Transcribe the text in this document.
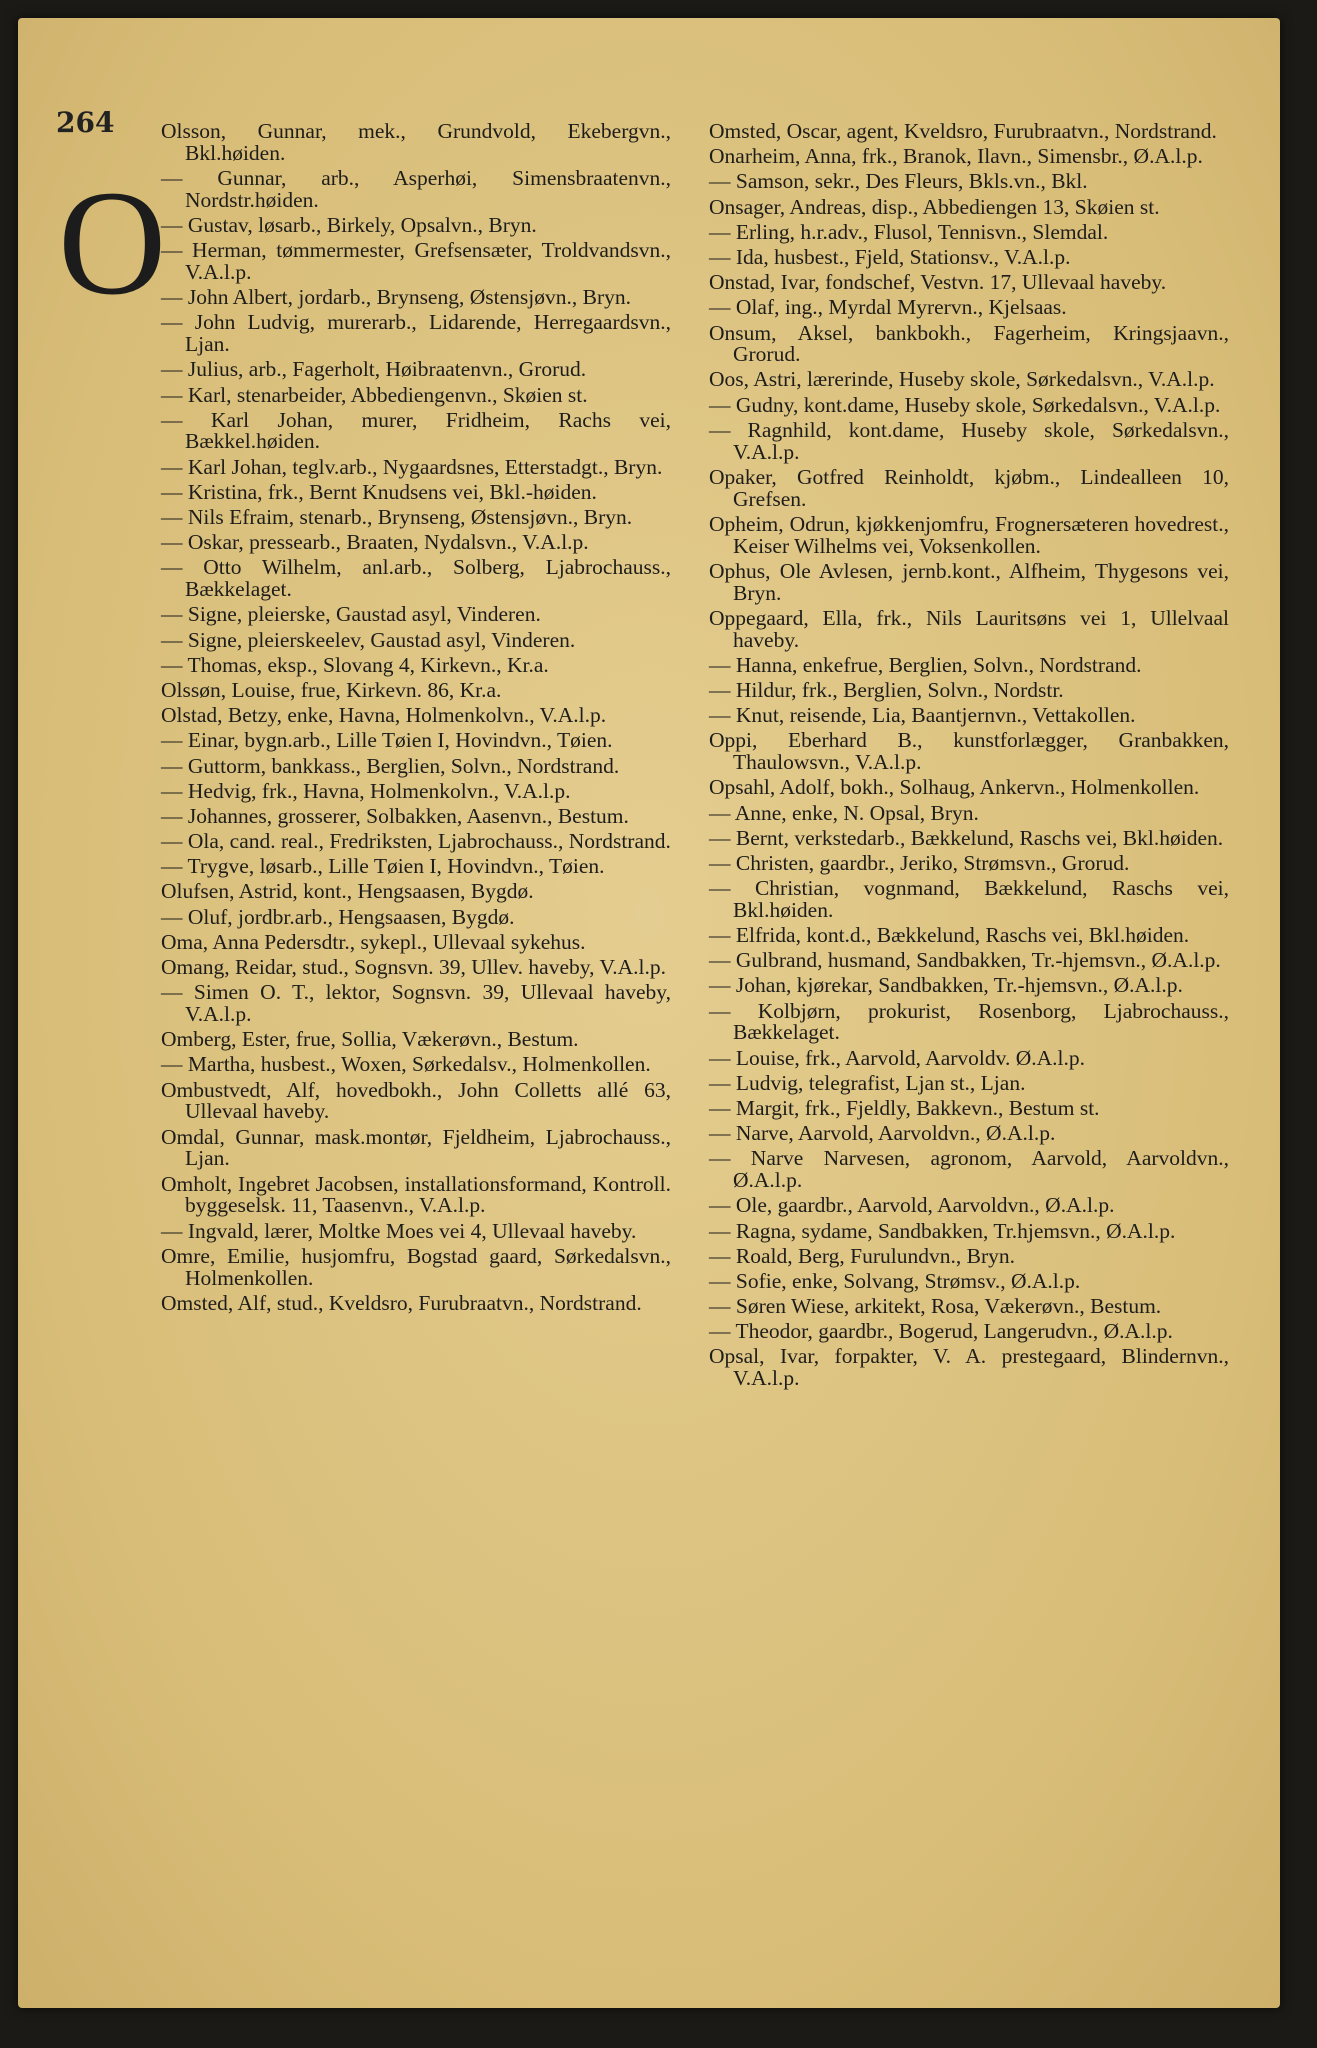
264
O

Olsson, Gunnar, mek., Grundvold, Ekebergvn., Bkl.høiden.

— Gunnar, arb., Asperhøi, Simensbraatenvn., Nordstr.høiden.

— Gustav, løsarb., Birkely, Opsalvn., Bryn.

— Herman, tømmermester, Grefsensæter, Troldvandsvn., V.A.l.p.

— John Albert, jordarb., Brynseng, Østensjøvn., Bryn.

— John Ludvig, murerarb., Lidarende, Herregaardsvn., Ljan.

— Julius, arb., Fagerholt, Høibraatenvn., Grorud.

— Karl, stenarbeider, Abbediengenvn., Skøien st.

— Karl Johan, murer, Fridheim, Rachs vei, Bækkel.høiden.

— Karl Johan, teglv.arb., Nygaardsnes, Etterstadgt., Bryn.

— Kristina, frk., Bernt Knudsens vei, Bkl.-høiden.

— Nils Efraim, stenarb., Brynseng, Østensjøvn., Bryn.

— Oskar, pressearb., Braaten, Nydalsvn., V.A.l.p.

— Otto Wilhelm, anl.arb., Solberg, Ljabrochauss., Bækkelaget.

— Signe, pleierske, Gaustad asyl, Vinderen.

— Signe, pleierskeelev, Gaustad asyl, Vinderen.

— Thomas, eksp., Slovang 4, Kirkevn., Kr.a.

Olssøn, Louise, frue, Kirkevn. 86, Kr.a.

Olstad, Betzy, enke, Havna, Holmenkolvn., V.A.l.p.

— Einar, bygn.arb., Lille Tøien I, Hovindvn., Tøien.

— Guttorm, bankkass., Berglien, Solvn., Nordstrand.

— Hedvig, frk., Havna, Holmenkolvn., V.A.l.p.

— Johannes, grosserer, Solbakken, Aasenvn., Bestum.

— Ola, cand. real., Fredriksten, Ljabrochauss., Nordstrand.

— Trygve, løsarb., Lille Tøien I, Hovindvn., Tøien.

Olufsen, Astrid, kont., Hengsaasen, Bygdø.

— Oluf, jordbr.arb., Hengsaasen, Bygdø.

Oma, Anna Pedersdtr., sykepl., Ullevaal sykehus.

Omang, Reidar, stud., Sognsvn. 39, Ullev. haveby, V.A.l.p.

— Simen O. T., lektor, Sognsvn. 39, Ullevaal haveby, V.A.l.p.

Omberg, Ester, frue, Sollia, Vækerøvn., Bestum.

— Martha, husbest., Woxen, Sørkedalsv., Holmenkollen.

Ombustvedt, Alf, hovedbokh., John Colletts allé 63, Ullevaal haveby.

Omdal, Gunnar, mask.montør, Fjeldheim, Ljabrochauss., Ljan.

Omholt, Ingebret Jacobsen, installationsformand, Kontroll. byggeselsk. 11, Taasenvn., V.A.l.p.

— Ingvald, lærer, Moltke Moes vei 4, Ullevaal haveby.

Omre, Emilie, husjomfru, Bogstad gaard, Sørkedalsvn., Holmenkollen.

Omsted, Alf, stud., Kveldsro, Furubraatvn., Nordstrand.

Omsted, Oscar, agent, Kveldsro, Furubraatvn., Nordstrand.

Onarheim, Anna, frk., Branok, Ilavn., Simensbr., Ø.A.l.p.

— Samson, sekr., Des Fleurs, Bkls.vn., Bkl.

Onsager, Andreas, disp., Abbediengen 13, Skøien st.

— Erling, h.r.adv., Flusol, Tennisvn., Slemdal.

— Ida, husbest., Fjeld, Stationsv., V.A.l.p.

Onstad, Ivar, fondschef, Vestvn. 17, Ullevaal haveby.

— Olaf, ing., Myrdal Myrervn., Kjelsaas.

Onsum, Aksel, bankbokh., Fagerheim, Kringsjaavn., Grorud.

Oos, Astri, lærerinde, Huseby skole, Sørkedalsvn., V.A.l.p.

— Gudny, kont.dame, Huseby skole, Sørkedalsvn., V.A.l.p.

— Ragnhild, kont.dame, Huseby skole, Sørkedalsvn., V.A.l.p.

Opaker, Gotfred Reinholdt, kjøbm., Lindealleen 10, Grefsen.

Opheim, Odrun, kjøkkenjomfru, Frognersæteren hovedrest., Keiser Wilhelms vei, Voksenkollen.

Ophus, Ole Avlesen, jernb.kont., Alfheim, Thygesons vei, Bryn.

Oppegaard, Ella, frk., Nils Lauritsøns vei 1, Ullelvaal haveby.

— Hanna, enkefrue, Berglien, Solvn., Nordstrand.

— Hildur, frk., Berglien, Solvn., Nordstr.

— Knut, reisende, Lia, Baantjernvn., Vettakollen.

Oppi, Eberhard B., kunstforlægger, Granbakken, Thaulowsvn., V.A.l.p.

Opsahl, Adolf, bokh., Solhaug, Ankervn., Holmenkollen.

— Anne, enke, N. Opsal, Bryn.

— Bernt, verkstedarb., Bækkelund, Raschs vei, Bkl.høiden.

— Christen, gaardbr., Jeriko, Strømsvn., Grorud.

— Christian, vognmand, Bækkelund, Raschs vei, Bkl.høiden.

— Elfrida, kont.d., Bækkelund, Raschs vei, Bkl.høiden.

— Gulbrand, husmand, Sandbakken, Tr.-hjemsvn., Ø.A.l.p.

— Johan, kjørekar, Sandbakken, Tr.-hjemsvn., Ø.A.l.p.

— Kolbjørn, prokurist, Rosenborg, Ljabrochauss., Bækkelaget.

— Louise, frk., Aarvold, Aarvoldv. Ø.A.l.p.

— Ludvig, telegrafist, Ljan st., Ljan.

— Margit, frk., Fjeldly, Bakkevn., Bestum st.

— Narve, Aarvold, Aarvoldvn., Ø.A.l.p.

— Narve Narvesen, agronom, Aarvold, Aarvoldvn., Ø.A.l.p.

— Ole, gaardbr., Aarvold, Aarvoldvn., Ø.A.l.p.

— Ragna, sydame, Sandbakken, Tr.hjemsvn., Ø.A.l.p.

— Roald, Berg, Furulundvn., Bryn.

— Sofie, enke, Solvang, Strømsv., Ø.A.l.p.

— Søren Wiese, arkitekt, Rosa, Vækerøvn., Bestum.

— Theodor, gaardbr., Bogerud, Langerudvn., Ø.A.l.p.

Opsal, Ivar, forpakter, V. A. prestegaard, Blindernvn., V.A.l.p.
